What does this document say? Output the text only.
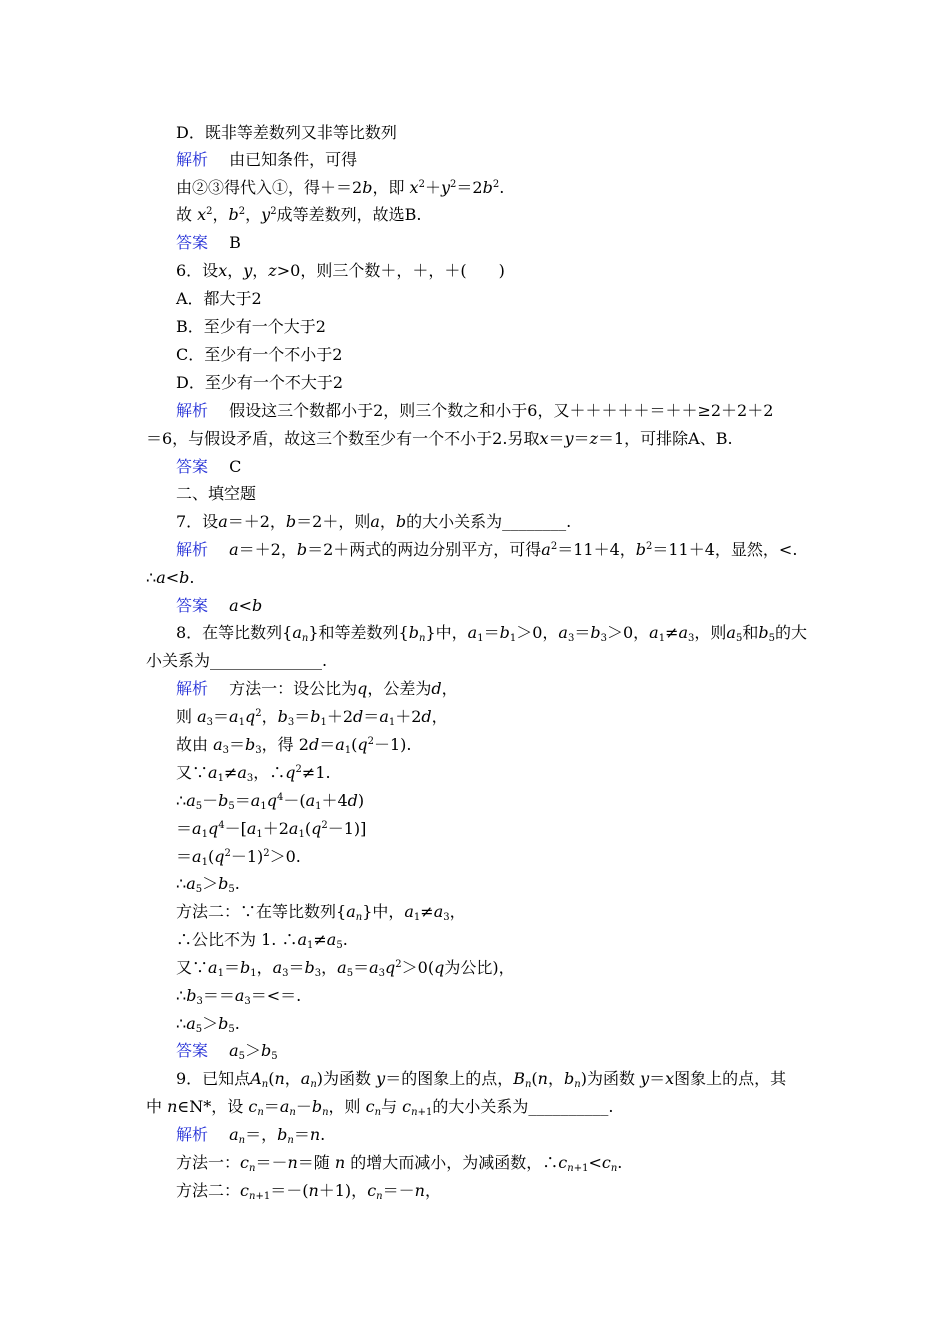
D．既非等差数列又非等比数列
解析　 由已知条件，可得
由②③得代入①，得＋＝2b，即 $x^2+y^2=2b^2$.
故 $x^2$，$b^2$，$y^2$成等差数列，故选B.
答案　 B
6．设x，y，z>0，则三个数＋，＋，＋(　　)
A．都大于2
B．至少有一个大于2
C．至少有一个不小于2
D．至少有一个不大于2
解析　 假设这三个数都小于2，则三个数之和小于6，又＋＋＋＋＋＝＋＋≥2＋2＋2
＝6，与假设矛盾，故这三个数至少有一个不小于2.另取x＝y＝z＝1，可排除A、B.
答案　 C
二、填空题
7．设a＝＋2，b＝2＋，则a，b的大小关系为________.
解析　 a＝＋2，b＝2＋两式的两边分别平方，可得$a^2=11+4$，$b^2=11+4$，显然，<.
∴a<b.
答案　 a<b
8．在等比数列$\{a_n\}$和等差数列$\{b_n\}$中，$a_1=b_1>0$，$a_3=b_3>0$，$a_1\ne a_3$，则$a_5$和$b_5$的大
小关系为______________.
解析　 方法一：设公比为q，公差为d，
则 $a_3=a_1q^2$，$b_3=b_1+2d=a_1+2d$，
故由 $a_3=b_3$，得 $2d=a_1(q^2-1)$.
又$\because a_1\ne a_3$，$\therefore q^2\ne 1$.
$\therefore a_5-b_5=a_1q^4-(a_1+4d)$
$=a_1q^4-[a_1+2a_1(q^2-1)]$
$=a_1(q^2-1)^2>0$.
$\therefore a_5>b_5$.
方法二：∵在等比数列$\{a_n\}$中，$a_1\ne a_3$，
∴公比不为 1. $\therefore a_1\ne a_5$.
又$\because a_1=b_1$，$a_3=b_3$，$a_5=a_3q^2>0(q$为公比)，
$\therefore b_3==a_3=<=$.
$\therefore a_5>b_5$.
答案　 $a_5>b_5$
9．已知点$A_n(n$，$a_n$)为函数 y＝的图象上的点，$B_n(n$，$b_n$)为函数 y＝x图象上的点，其
中 n∈N*，设 $c_n=a_n-b_n$，则 $c_n$与 $c_{n+1}$的大小关系为__________.
解析　 $a_n=$，$b_n=n$.
方法一：$c_n=-n=$随 n 的增大而减小，为减函数，$\therefore c_{n+1}<c_n$.
方法二：$c_{n+1}=-(n+1)$，$c_n=-n$，
